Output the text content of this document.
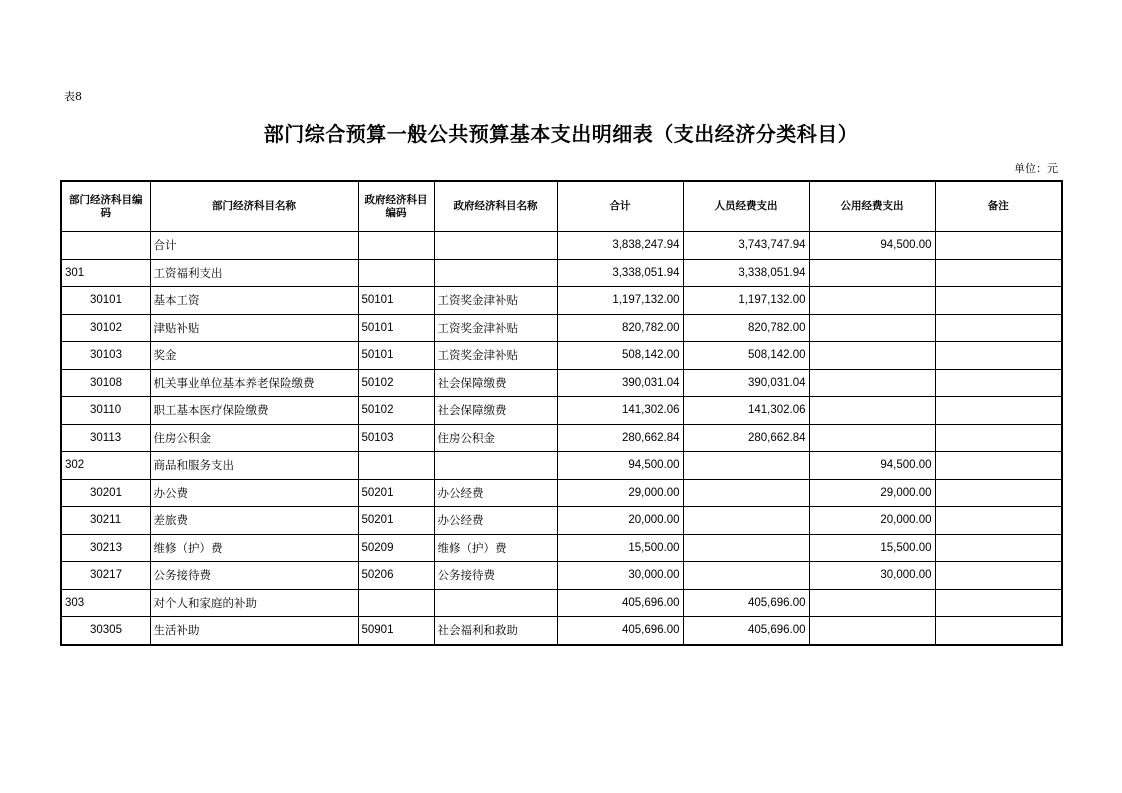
表8
部门综合预算一般公共预算基本支出明细表（支出经济分类科目）
单位：元
部门经济科目编码	部门经济科目名称	政府经济科目编码	政府经济科目名称	合计	人员经费支出	公用经费支出	备注
	合计			3,838,247.94	3,743,747.94	94,500.00	
301	工资福利支出			3,338,051.94	3,338,051.94		
30101	基本工资	50101	工资奖金津补贴	1,197,132.00	1,197,132.00		
30102	津贴补贴	50101	工资奖金津补贴	820,782.00	820,782.00		
30103	奖金	50101	工资奖金津补贴	508,142.00	508,142.00		
30108	机关事业单位基本养老保险缴费	50102	社会保障缴费	390,031.04	390,031.04		
30110	职工基本医疗保险缴费	50102	社会保障缴费	141,302.06	141,302.06		
30113	住房公积金	50103	住房公积金	280,662.84	280,662.84		
302	商品和服务支出			94,500.00		94,500.00	
30201	办公费	50201	办公经费	29,000.00		29,000.00	
30211	差旅费	50201	办公经费	20,000.00		20,000.00	
30213	维修（护）费	50209	维修（护）费	15,500.00		15,500.00	
30217	公务接待费	50206	公务接待费	30,000.00		30,000.00	
303	对个人和家庭的补助			405,696.00	405,696.00		
30305	生活补助	50901	社会福利和救助	405,696.00	405,696.00		
